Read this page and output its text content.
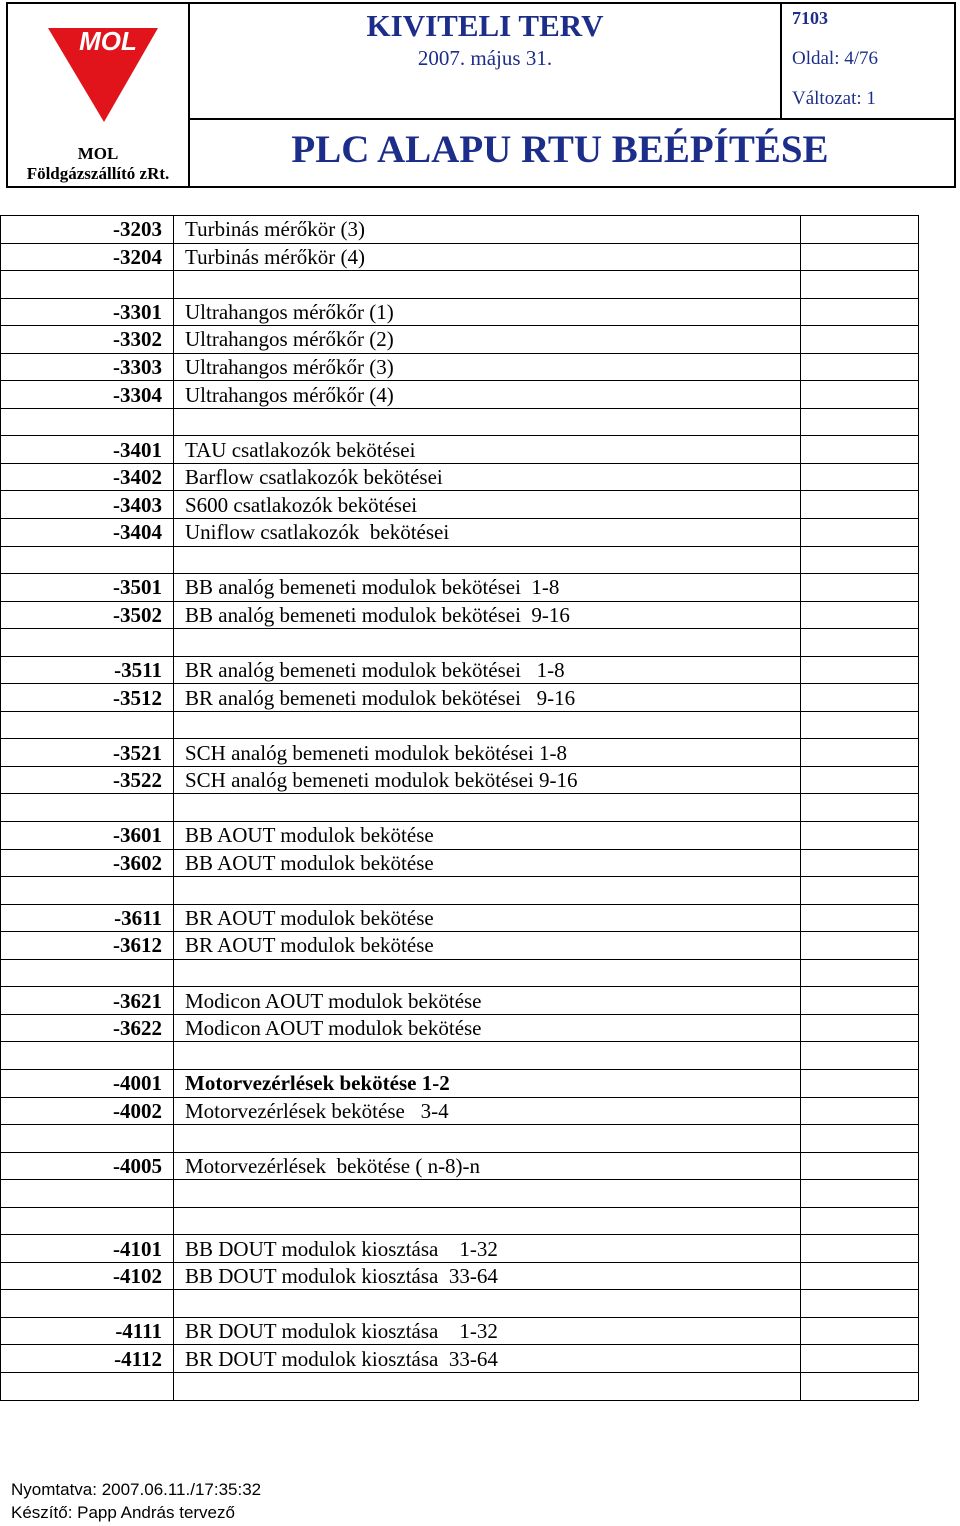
MOL
MOL
Földgázszállító zRt.
KIVITELI TERV
2007. május 31.
7103
Oldal: 4/76
Változat: 1
PLC ALAPU RTU BEÉPÍTÉSE
-3203	Turbinás mérőkör (3)	
-3204	Turbinás mérőkör (4)	

-3301	Ultrahangos mérőkőr (1)	
-3302	Ultrahangos mérőkőr (2)	
-3303	Ultrahangos mérőkőr (3)	
-3304	Ultrahangos mérőkőr (4)	

-3401	TAU csatlakozók bekötései	
-3402	Barflow csatlakozók bekötései	
-3403	S600 csatlakozók bekötései	
-3404	Uniflow csatlakozók  bekötései	

-3501	BB analóg bemeneti modulok bekötései  1-8	
-3502	BB analóg bemeneti modulok bekötései  9-16	

-3511	BR analóg bemeneti modulok bekötései   1-8	
-3512	BR analóg bemeneti modulok bekötései   9-16	

-3521	SCH analóg bemeneti modulok bekötései 1-8	
-3522	SCH analóg bemeneti modulok bekötései 9-16	

-3601	BB AOUT modulok bekötése	
-3602	BB AOUT modulok bekötése	

-3611	BR AOUT modulok bekötése	
-3612	BR AOUT modulok bekötése	

-3621	Modicon AOUT modulok bekötése	
-3622	Modicon AOUT modulok bekötése	

-4001	Motorvezérlések bekötése 1-2	
-4002	Motorvezérlések bekötése   3-4	

-4005	Motorvezérlések  bekötése ( n-8)-n	

-4101	BB DOUT modulok kiosztása    1-32	
-4102	BB DOUT modulok kiosztása  33-64	

-4111	BR DOUT modulok kiosztása    1-32	
-4112	BR DOUT modulok kiosztása  33-64	

Nyomtatva: 2007.06.11./17:35:32
Készítő: Papp András tervező
